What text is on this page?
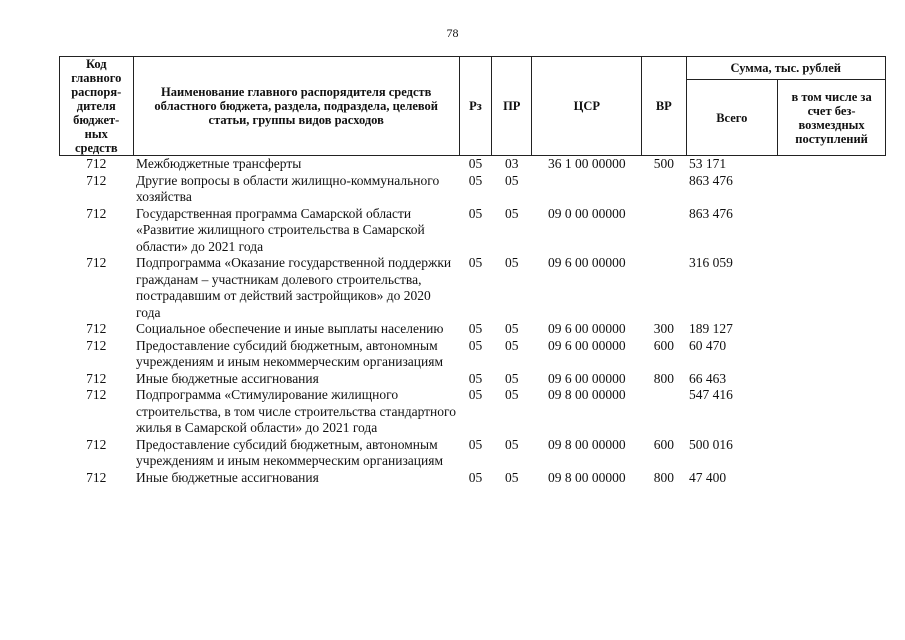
78
Код главного распоря-дителя бюджет-ных средств	Наименование главного распорядителя средств областного бюджета, раздела, подраздела, целевой статьи, группы видов расходов	Рз	ПР	ЦСР	ВР	Сумма, тыс. рублей	
						Всего	в том числе за счет без-возмездных поступлений
712	Межбюджетные трансферты	05	03	36 1 00 00000	500	53 171	
712	Другие вопросы в области жилищно-коммунального хозяйства	05	05			863 476	
712	Государственная программа Самарской области «Развитие жилищного строительства в Самарской области» до 2021 года	05	05	09 0 00 00000		863 476	
712	Подпрограмма «Оказание государственной поддержки гражданам – участникам долевого строительства, пострадавшим от действий застройщиков» до 2020 года	05	05	09 6 00 00000		316 059	
712	Социальное обеспечение и иные выплаты населению	05	05	09 6 00 00000	300	189 127	
712	Предоставление субсидий бюджетным, автономным учреждениям и иным некоммерческим организациям	05	05	09 6 00 00000	600	60 470	
712	Иные бюджетные ассигнования	05	05	09 6 00 00000	800	66 463	
712	Подпрограмма «Стимулирование жилищного строительства, в том числе строительства стандартного жилья в Самарской области» до 2021 года	05	05	09 8 00 00000		547 416	
712	Предоставление субсидий бюджетным, автономным учреждениям и иным некоммерческим организациям	05	05	09 8 00 00000	600	500 016	
712	Иные бюджетные ассигнования	05	05	09 8 00 00000	800	47 400	
